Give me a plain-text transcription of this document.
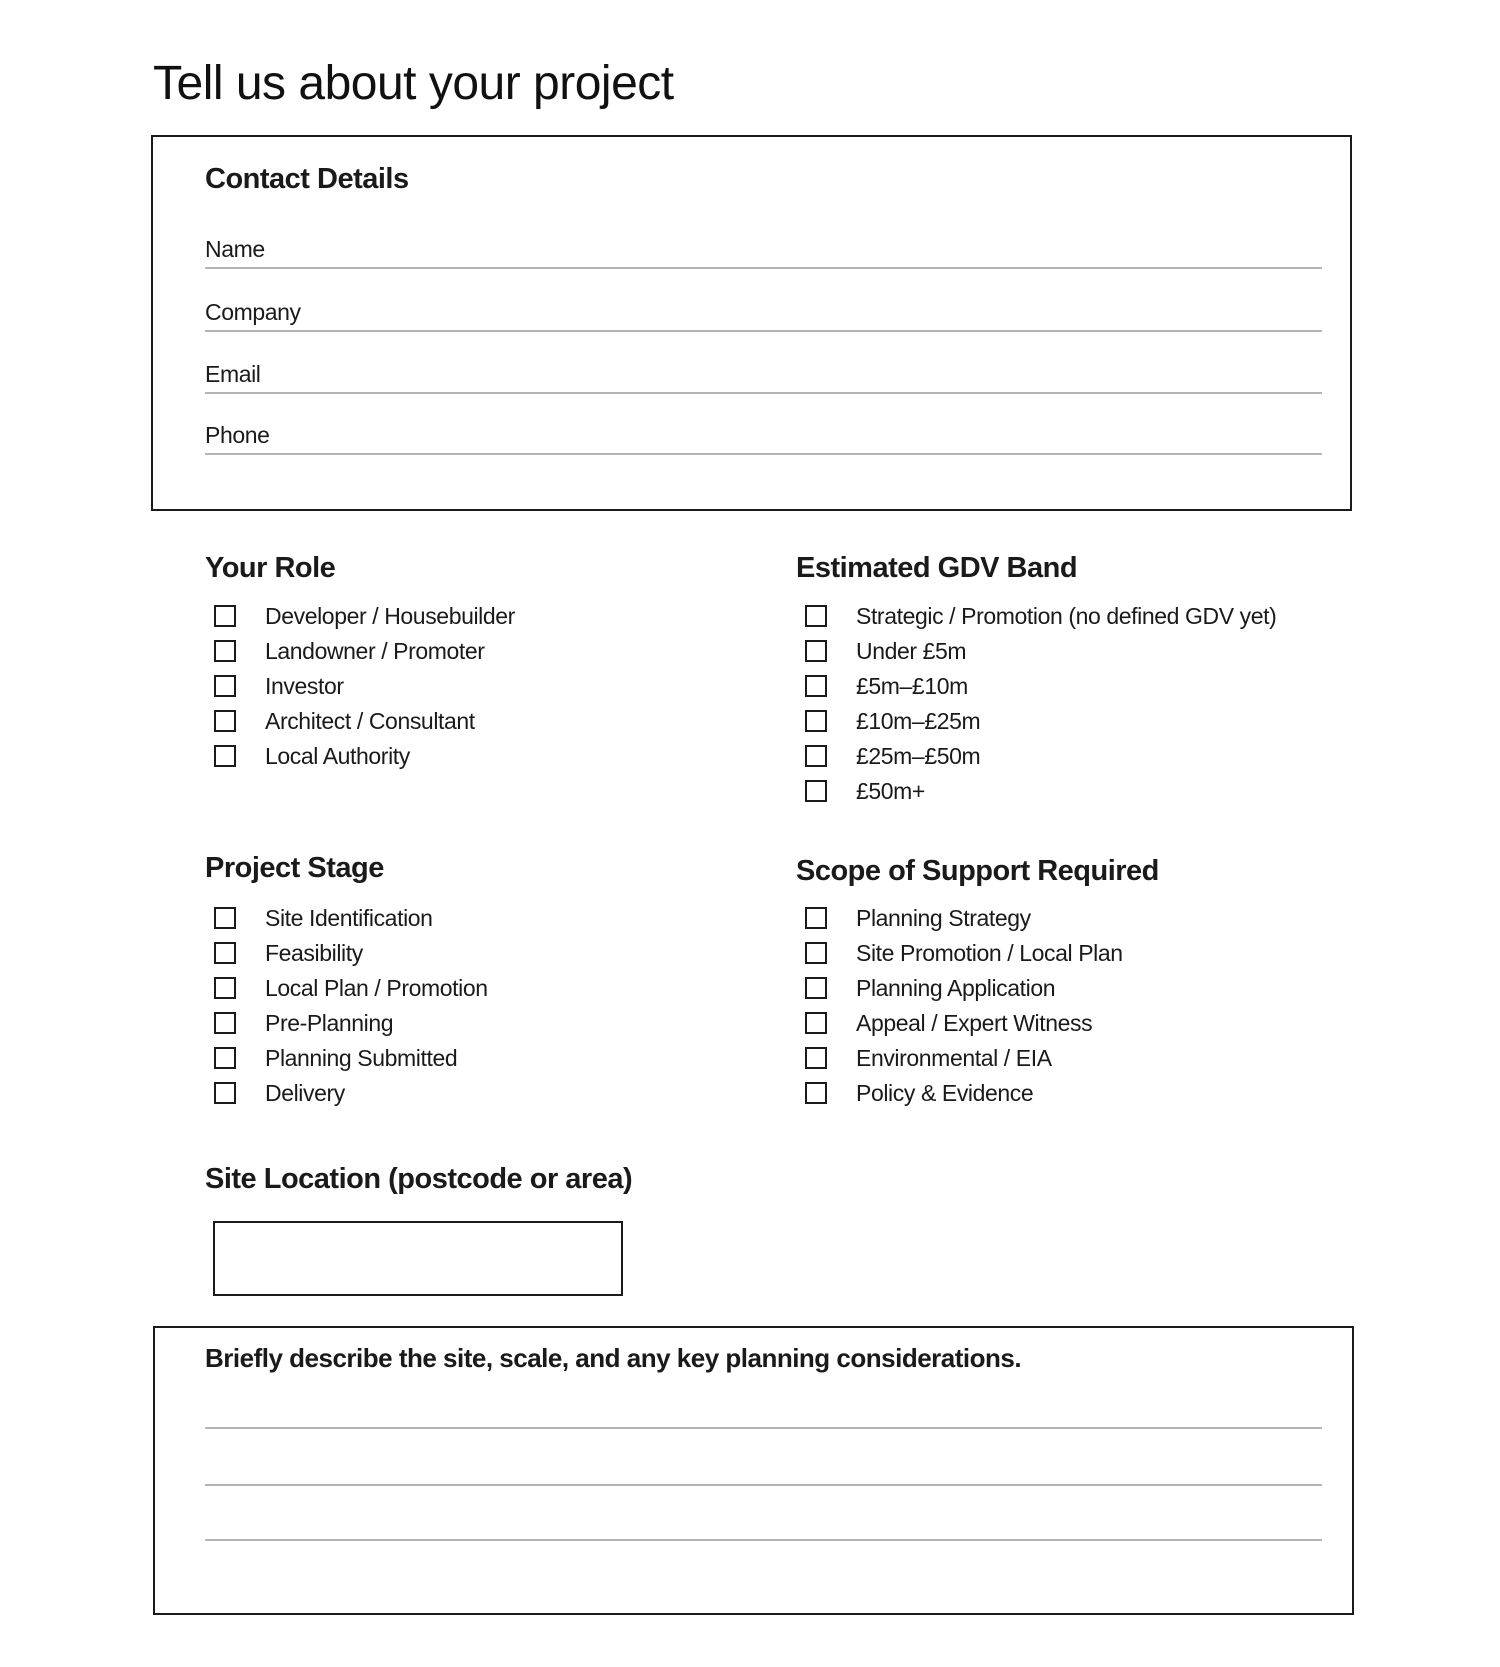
Tell us about your project
Contact Details
Name
Company
Email
Phone
Your Role
Developer / Housebuilder
Landowner / Promoter
Investor
Architect / Consultant
Local Authority
Estimated GDV Band
Strategic / Promotion (no defined GDV yet)
Under £5m
£5m–£10m
£10m–£25m
£25m–£50m
£50m+
Project Stage
Site Identification
Feasibility
Local Plan / Promotion
Pre-Planning
Planning Submitted
Delivery
Scope of Support Required
Planning Strategy
Site Promotion / Local Plan
Planning Application
Appeal / Expert Witness
Environmental / EIA
Policy & Evidence
Site Location (postcode or area)
Briefly describe the site, scale, and any key planning considerations.
